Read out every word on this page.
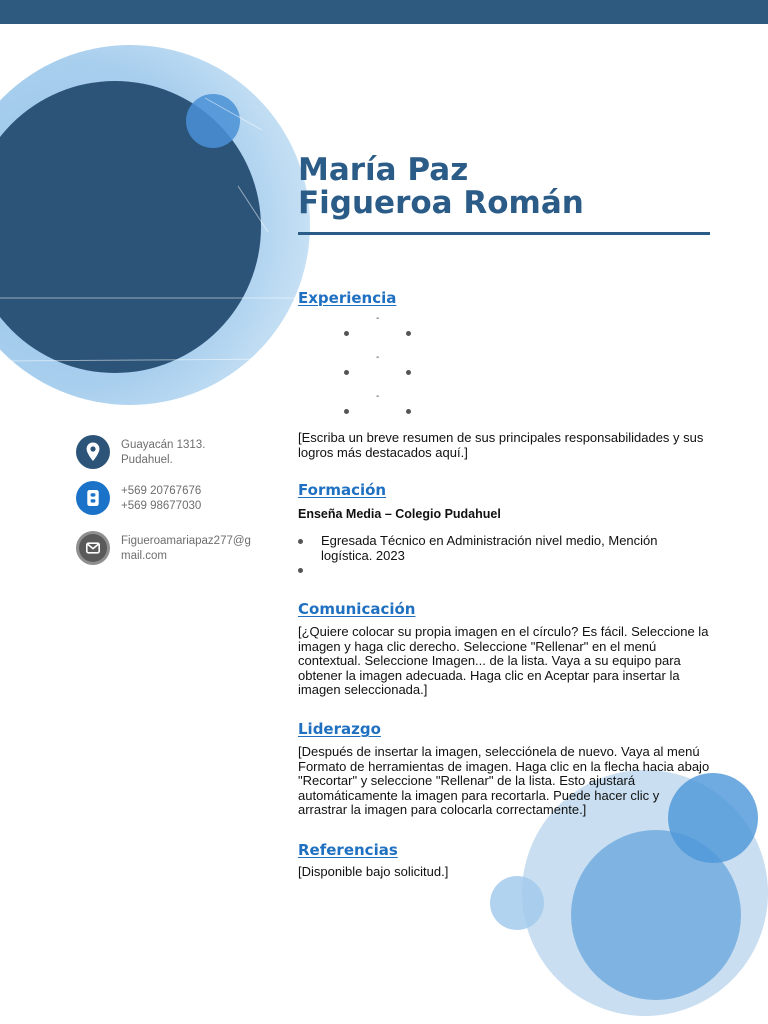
María Paz
Figueroa Román
Guayacán 1313.
Pudahuel.
+569 20767676
+569 98677030
Figueroamariapaz277@gmail.com
Experiencia
-
-
-
[Escriba un breve resumen de sus principales responsabilidades y sus
logros más destacados aquí.]
Formación
Enseña Media – Colegio Pudahuel
Egresada Técnico en Administración nivel medio, Mención
logística. 2023
Comunicación
[¿Quiere colocar su propia imagen en el círculo? Es fácil. Seleccione la
imagen y haga clic derecho. Seleccione "Rellenar" en el menú
contextual. Seleccione Imagen... de la lista. Vaya a su equipo para
obtener la imagen adecuada. Haga clic en Aceptar para insertar la
imagen seleccionada.]
Liderazgo
[Después de insertar la imagen, selecciónela de nuevo. Vaya al menú
Formato de herramientas de imagen. Haga clic en la flecha hacia abajo
"Recortar" y seleccione "Rellenar" de la lista. Esto ajustará
automáticamente la imagen para recortarla. Puede hacer clic y
arrastrar la imagen para colocarla correctamente.]
Referencias
[Disponible bajo solicitud.]
